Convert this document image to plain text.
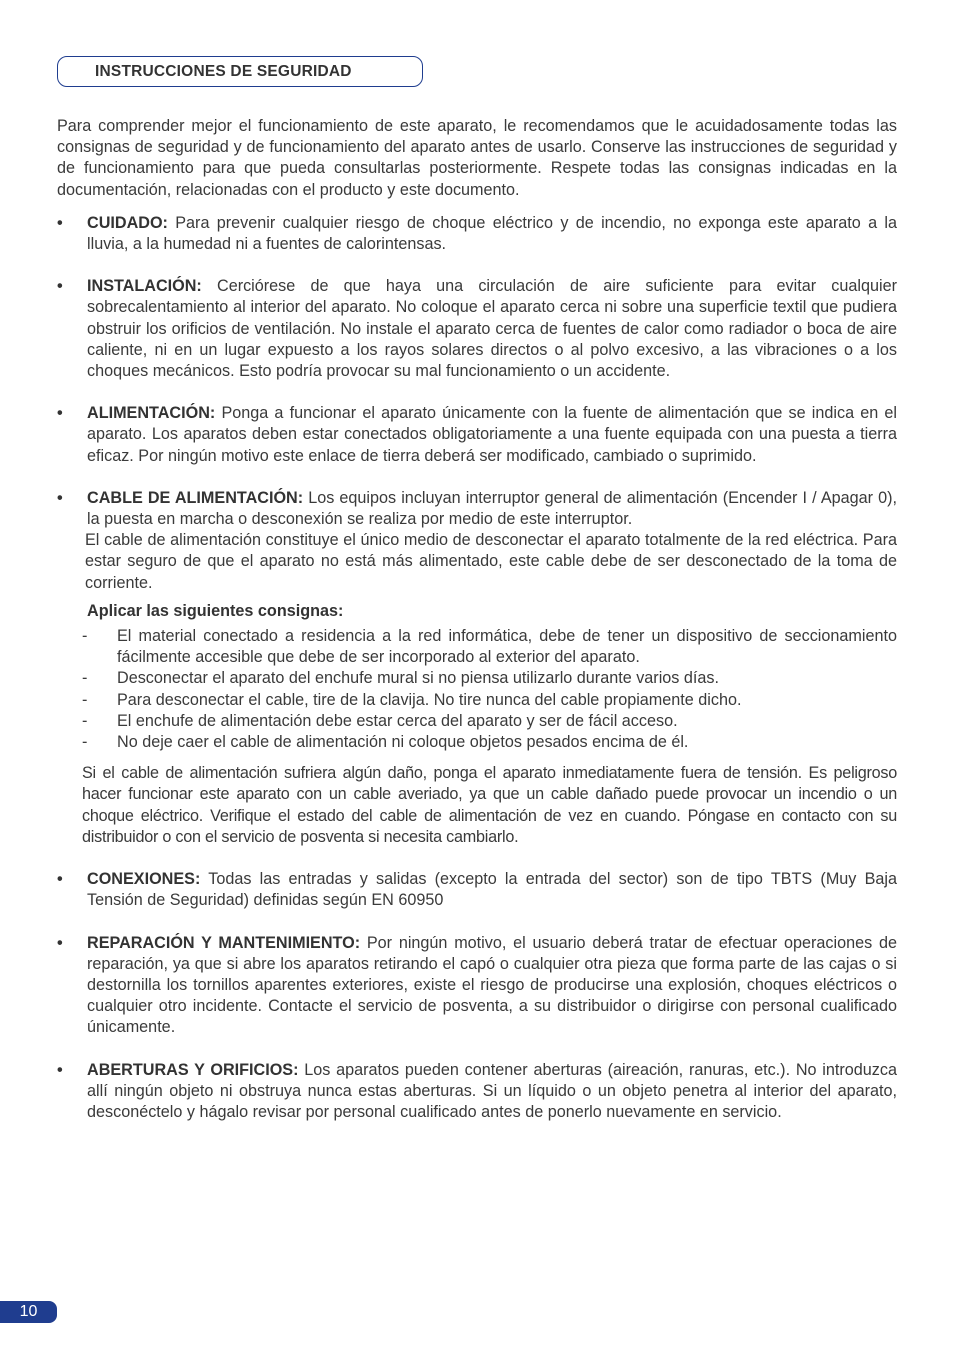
INSTRUCCIONES DE SEGURIDAD

Para comprender mejor el funcionamiento de este aparato, le recomendamos que le acuidadosamente todas las consignas de seguridad y de funcionamiento del aparato antes de usarlo. Conserve las instrucciones de seguridad y de funcionamiento para que pueda consultarlas posteriormente. Respete todas las consignas indicadas en la documentación, relacionadas con el producto y este documento.

• CUIDADO: Para prevenir cualquier riesgo de choque eléctrico y de incendio, no exponga este aparato a la lluvia, a la humedad ni a fuentes de calorintensas.
• INSTALACIÓN: Cerciórese de que haya una circulación de aire suficiente para evitar cualquier sobrecalentamiento al interior del aparato. No coloque el aparato cerca ni sobre una superficie textil que pudiera obstruir los orificios de ventilación. No instale el aparato cerca de fuentes de calor como radiador o boca de aire caliente, ni en un lugar expuesto a los rayos solares directos o al polvo excesivo, a las vibraciones o a los choques mecánicos. Esto podría provocar su mal funcionamiento o un accidente.
• ALIMENTACIÓN: Ponga a funcionar el aparato únicamente con la fuente de alimentación que se indica en el aparato. Los aparatos deben estar conectados obligatoriamente a una fuente equipada con una puesta a tierra eficaz. Por ningún motivo este enlace de tierra deberá ser modificado, cambiado o suprimido.
• CABLE DE ALIMENTACIÓN: Los equipos incluyan interruptor general de alimentación (Encender I / Apagar 0), la puesta en marcha o desconexión se realiza por medio de este interruptor.

El cable de alimentación constituye el único medio de desconectar el aparato totalmente de la red eléctrica. Para estar seguro de que el aparato no está más alimentado, este cable debe de ser desconectado de la toma de corriente.

Aplicar las siguientes consignas:
- El material conectado a residencia a la red informática, debe de tener un dispositivo de seccionamiento fácilmente accesible que debe de ser incorporado al exterior del aparato.
- Desconectar el aparato del enchufe mural si no piensa utilizarlo durante varios días.
- Para desconectar el cable, tire de la clavija. No tire nunca del cable propiamente dicho.
- El enchufe de alimentación debe estar cerca del aparato y ser de fácil acceso.
- No deje caer el cable de alimentación ni coloque objetos pesados encima de él.

Si el cable de alimentación sufriera algún daño, ponga el aparato inmediatamente fuera de tensión. Es peligroso hacer funcionar este aparato con un cable averiado, ya que un cable dañado puede provocar un incendio o un choque eléctrico. Verifique el estado del cable de alimentación de vez en cuando. Póngase en contacto con su distribuidor o con el servicio de posventa si necesita cambiarlo.

• CONEXIONES: Todas las entradas y salidas (excepto la entrada del sector) son de tipo TBTS (Muy Baja Tensión de Seguridad) definidas según EN 60950
• REPARACIÓN Y MANTENIMIENTO: Por ningún motivo, el usuario deberá tratar de efectuar operaciones de reparación, ya que si abre los aparatos retirando el capó o cualquier otra pieza que forma parte de las cajas o si destornilla los tornillos aparentes exteriores, existe el riesgo de producirse una explosión, choques eléctricos o cualquier otro incidente. Contacte el servicio de posventa, a su distribuidor o dirigirse con personal cualificado únicamente.
• ABERTURAS Y ORIFICIOS: Los aparatos pueden contener aberturas (aireación, ranuras, etc.). No introduzca allí ningún objeto ni obstruya nunca estas aberturas. Si un líquido o un objeto penetra al interior del aparato, desconéctelo y hágalo revisar por personal cualificado antes de ponerlo nuevamente en servicio.
10
